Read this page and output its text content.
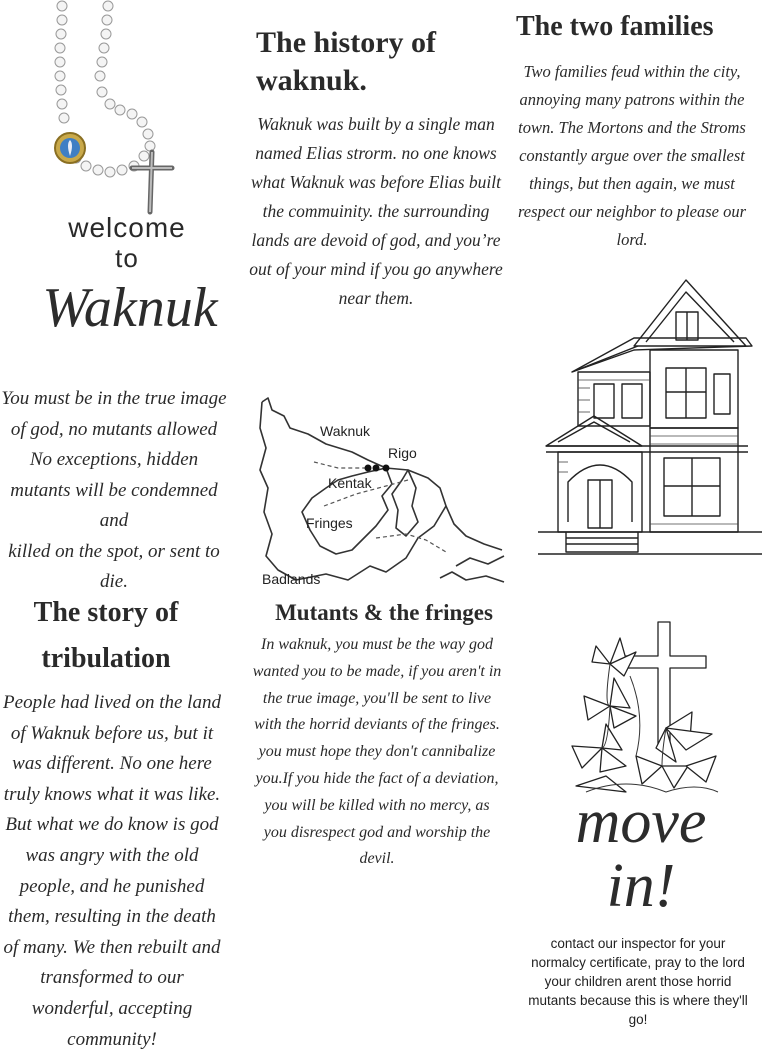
welcome
to
Waknuk
The history of
waknuk.
Waknuk was built by a single man named Elias strorm. no one knows what Waknuk was before Elias built the commuinity. the surrounding lands are devoid of god, and you’re out of your mind if you go anywhere near them.
The two families
Two families feud within the city, annoying many patrons within the town. The Mortons and the Stroms constantly argue over the smallest things, but then again, we must respect our neighbor to please our lord.
You must be in the true image
of god, no mutants allowed
No exceptions, hidden
mutants will be condemned
and
killed on the spot, or sent to
die.
Waknuk
Rigo
Kentak
Fringes
Badlands
The story of
tribulation
People had lived on the land of Waknuk before us, but it was different. No one here truly knows what it was like. But what we do know is god was angry with the old people, and he punished them, resulting in the death of many. We then rebuilt and transformed to our wonderful, accepting community!
Mutants & the fringes
In waknuk, you must be the way god wanted you to be made, if you aren't in the true image, you'll be sent to live with the horrid deviants of the fringes. you must hope they don't cannibalize you.If you hide the fact of a deviation, you will be killed with no mercy, as you disrespect god and worship the devil.
move
in!
contact our inspector for your normalcy certificate, pray to the lord your children arent those horrid mutants because this is where they'll go!
